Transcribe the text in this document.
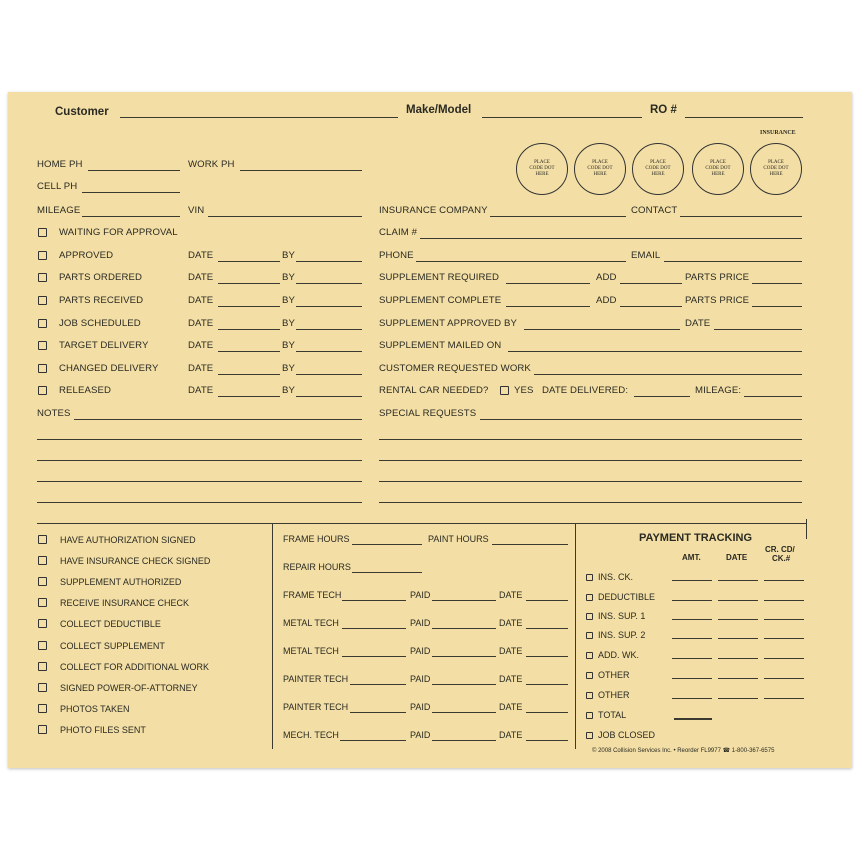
Customer	Make/Model	RO #
HOME PH	WORK PH
CELL PH
MILEAGE	VIN
INSURANCE
PLACE
CODE DOT
HERE
PLACE
CODE DOT
HERE
PLACE
CODE DOT
HERE
PLACE
CODE DOT
HERE
PLACE
CODE DOT
HERE
WAITING FOR APPROVAL
APPROVED	DATE	BY
PARTS ORDERED	DATE	BY
PARTS RECEIVED	DATE	BY
JOB SCHEDULED	DATE	BY
TARGET DELIVERY	DATE	BY
CHANGED DELIVERY	DATE	BY
RELEASED	DATE	BY
NOTES
INSURANCE COMPANY	CONTACT
CLAIM #
PHONE	EMAIL
SUPPLEMENT REQUIRED	ADD	PARTS PRICE
SUPPLEMENT COMPLETE	ADD	PARTS PRICE
SUPPLEMENT APPROVED BY	DATE
SUPPLEMENT MAILED ON
CUSTOMER REQUESTED WORK
RENTAL CAR NEEDED?	YES DATE DELIVERED:	MILEAGE:
SPECIAL REQUESTS
HAVE AUTHORIZATION SIGNED
HAVE INSURANCE CHECK SIGNED
SUPPLEMENT AUTHORIZED
RECEIVE INSURANCE CHECK
COLLECT DEDUCTIBLE
COLLECT SUPPLEMENT
COLLECT FOR ADDITIONAL WORK
SIGNED POWER-OF-ATTORNEY
PHOTOS TAKEN
PHOTO FILES SENT
FRAME HOURS	PAINT HOURS
REPAIR HOURS
FRAME TECH	PAID	DATE
METAL TECH	PAID	DATE
METAL TECH	PAID	DATE
PAINTER TECH	PAID	DATE
PAINTER TECH	PAID	DATE
MECH. TECH	PAID	DATE
PAYMENT TRACKING
AMT.	DATE
CR. CD/
CK.#
INS. CK.
DEDUCTIBLE
INS. SUP. 1
INS. SUP. 2
ADD. WK.
OTHER
OTHER
TOTAL
JOB CLOSED
© 2008 Collision Services Inc. • Reorder FL9977 ☎ 1-800-367-6575
